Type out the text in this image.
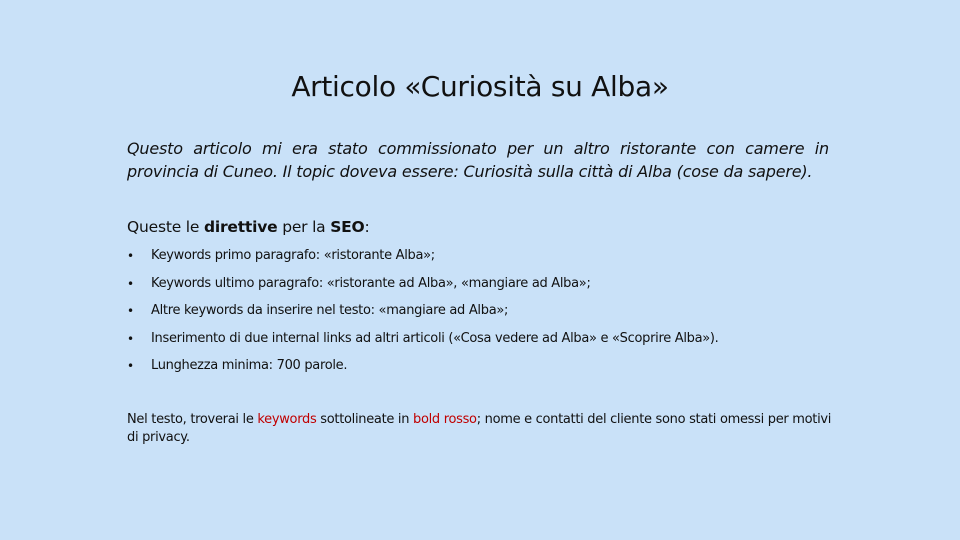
Articolo «Curiosità su Alba»

Questo articolo mi era stato commissionato per un altro ristorante con camere in provincia di Cuneo. Il topic doveva essere: Curiosità sulla città di Alba (cose da sapere).

Queste le direttive per la SEO:

• Keywords primo paragrafo: «ristorante Alba»;
• Keywords ultimo paragrafo: «ristorante ad Alba», «mangiare ad Alba»;
• Altre keywords da inserire nel testo: «mangiare ad Alba»;
• Inserimento di due internal links ad altri articoli («Cosa vedere ad Alba» e «Scoprire Alba»).
• Lunghezza minima: 700 parole.

Nel testo, troverai le keywords sottolineate in bold rosso; nome e contatti del cliente sono stati omessi per motivi di privacy.
